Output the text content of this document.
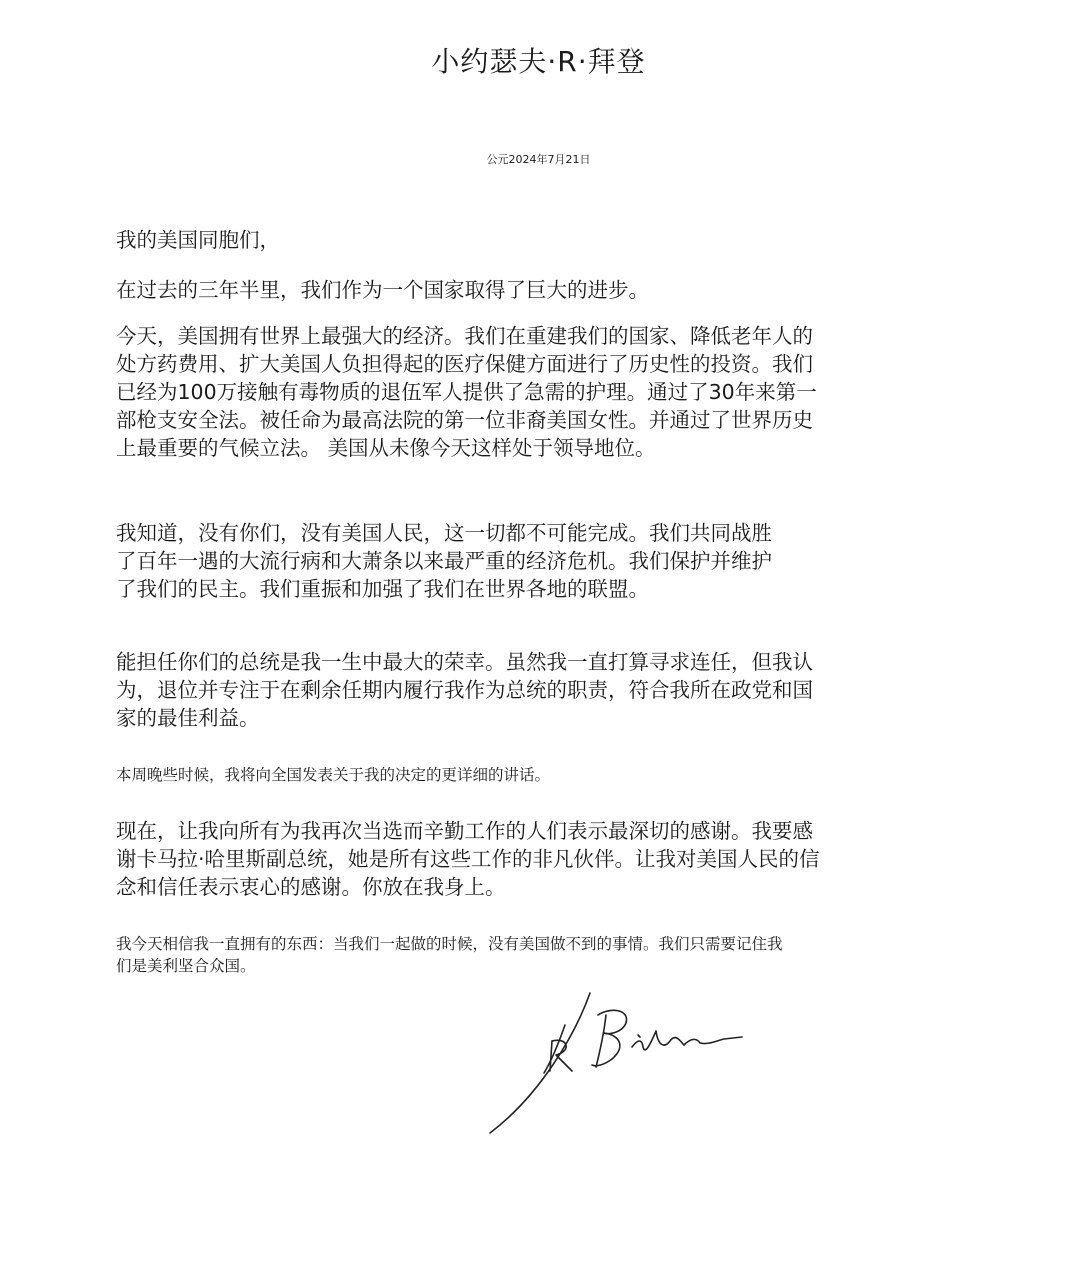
小约瑟夫·R·拜登
公元2024年7月21日

我的美国同胞们，

在过去的三年半里，我们作为一个国家取得了巨大的进步。

今天，美国拥有世界上最强大的经济。我们在重建我们的国家、降低老年人的
处方药费用、扩大美国人负担得起的医疗保健方面进行了历史性的投资。我们
已经为100万接触有毒物质的退伍军人提供了急需的护理。通过了30年来第一
部枪支安全法。被任命为最高法院的第一位非裔美国女性。并通过了世界历史
上最重要的气候立法。 美国从未像今天这样处于领导地位。

我知道，没有你们，没有美国人民，这一切都不可能完成。我们共同战胜
了百年一遇的大流行病和大萧条以来最严重的经济危机。我们保护并维护
了我们的民主。我们重振和加强了我们在世界各地的联盟。

能担任你们的总统是我一生中最大的荣幸。虽然我一直打算寻求连任，但我认
为，退位并专注于在剩余任期内履行我作为总统的职责，符合我所在政党和国
家的最佳利益。

本周晚些时候，我将向全国发表关于我的决定的更详细的讲话。

现在，让我向所有为我再次当选而辛勤工作的人们表示最深切的感谢。我要感
谢卡马拉·哈里斯副总统，她是所有这些工作的非凡伙伴。让我对美国人民的信
念和信任表示衷心的感谢。你放在我身上。

我今天相信我一直拥有的东西：当我们一起做的时候，没有美国做不到的事情。我们只需要记住我
们是美利坚合众国。
